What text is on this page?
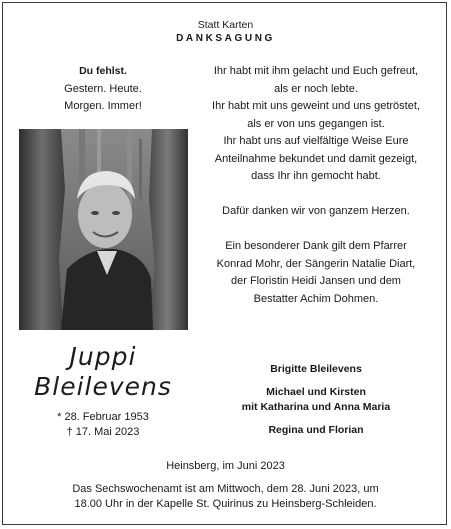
Statt Karten
DANKSAGUNG
Du fehlst.
Gestern. Heute.
Morgen. Immer!
Juppi
Bleilevens
* 28. Februar 1953
† 17. Mai 2023
Ihr habt mit ihm gelacht und Euch gefreut,
als er noch lebte.
Ihr habt mit uns geweint und uns getröstet,
als er von uns gegangen ist.
Ihr habt uns auf vielfältige Weise Eure
Anteilnahme bekundet und damit gezeigt,
dass Ihr ihn gemocht habt.
Dafür danken wir von ganzem Herzen.
Ein besonderer Dank gilt dem Pfarrer
Konrad Mohr, der Sängerin Natalie Diart,
der Floristin Heidi Jansen und dem
Bestatter Achim Dohmen.
Brigitte Bleilevens
Michael und Kirsten
mit Katharina und Anna Maria
Regina und Florian
Heinsberg, im Juni 2023
Das Sechswochenamt ist am Mittwoch, dem 28. Juni 2023, um
18.00 Uhr in der Kapelle St. Quirinus zu Heinsberg-Schleiden.
